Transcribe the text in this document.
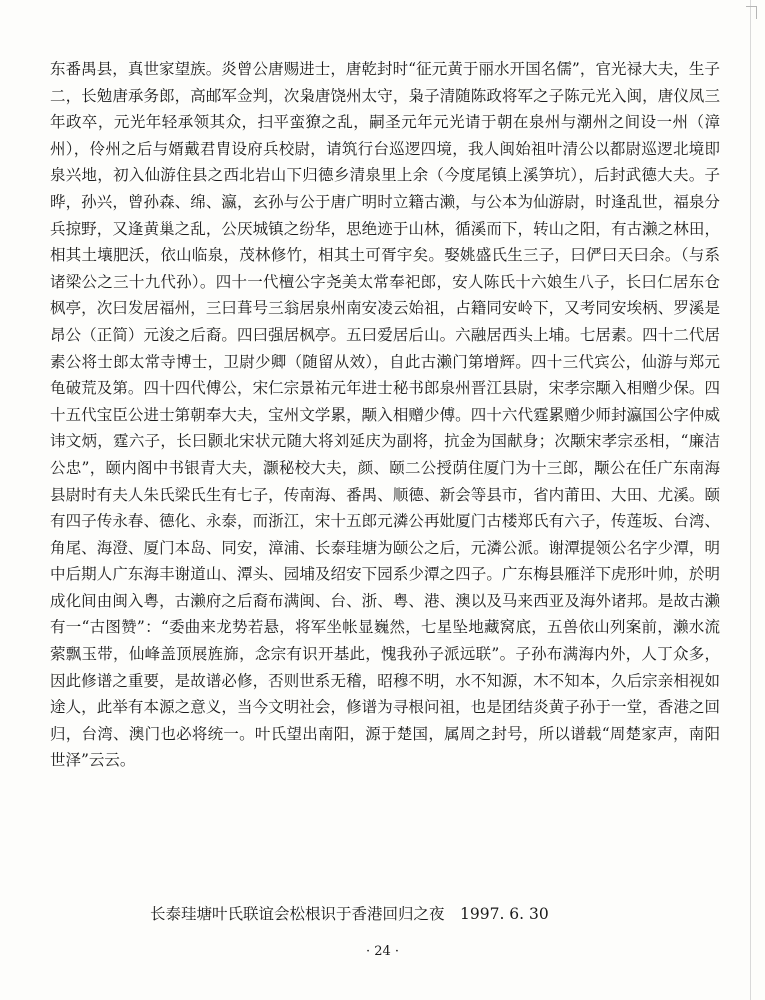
东番禺县，真世家望族。炎曾公唐赐进士，唐乾封时“征元黄于丽水开国名儒”，官光禄大夫，生子二，长勉唐承务郎，高邮军佥判，次枭唐饶州太守，枭子清随陈政将军之子陈元光入闽，唐仪凤三年政卒，元光年轻承领其众，扫平蛮獠之乱，嗣圣元年元光请于朝在泉州与潮州之间设一州（漳州），伶州之后与婿戴君胄设府兵校尉，请筑行台巡逻四境，我人闽始祖叶清公以都尉巡逻北境即泉兴地，初入仙游住县之西北岩山下归德乡清泉里上余（今度尾镇上溪笋坑），后封武德大夫。子晔，孙兴，曾孙森、绵、瀛，玄孙与公于唐广明时立籍古濑，与公本为仙游尉，时逢乱世，福泉分兵掠野，又逢黄巢之乱，公厌城镇之纷华，思绝迹于山林，循溪而下，转山之阳，有古濑之林田，相其土壤肥沃，依山临泉，茂林修竹，相其土可胥宇矣。娶姚盛氏生三子，曰俨曰天曰余。（与系诸梁公之三十九代孙）。四十一代檀公字尧美太常奉祀郎，安人陈氏十六娘生八子，长曰仁居东仓枫亭，次曰发居福州，三曰葺号三翁居泉州南安凌云始祖，占籍同安岭下，又考同安埃柄、罗溪是昂公（正简）元浚之后裔。四曰强居枫亭。五曰爱居后山。六融居西头上埔。七居素。四十二代居素公将士郎太常寺博士，卫尉少卿（随留从效），自此古濑门第增辉。四十三代宾公，仙游与郑元龟破荒及第。四十四代傅公，宋仁宗景祐元年进士秘书郎泉州晋江县尉，宋孝宗颙入相赠少保。四十五代宝臣公进士第朝奉大夫，宝州文学累，颙入相赠少傅。四十六代霆累赠少师封瀛国公字仲威讳文炳，霆六子，长曰颢北宋状元随大将刘延庆为副将，抗金为国献身；次颙宋孝宗丞相，“廉洁公忠”，颐内阁中书银青大夫，灏秘校大夫，颜、颐二公授荫住厦门为十三郎，颙公在任广东南海县尉时有夫人朱氏梁氏生有七子，传南海、番禺、顺德、新会等县市，省内莆田、大田、尤溪。颐有四子传永春、德化、永泰，而浙江，宋十五郎元潾公再妣厦门古楼郑氏有六子，传莲坂、台湾、角尾、海澄、厦门本岛、同安，漳浦、长泰珪塘为颐公之后，元潾公派。谢潭提领公名字少潭，明中后期人广东海丰谢道山、潭头、园埔及绍安下园系少潭之四子。广东梅县雁洋下虎形叶帅，於明成化间由闽入粤，古濑府之后裔布满闽、台、浙、粤、港、澳以及马来西亚及海外诸邦。是故古濑有一“古图赞”：“委曲来龙势若悬，将军坐帐显巍然，七星坠地藏窝底，五兽依山列案前，濑水流萦飘玉带，仙峰盖顶展旌旆，念宗有识开基此，愧我孙子派远联”。子孙布满海内外，人丁众多，因此修谱之重要，是故谱必修，否则世系无稽，昭穆不明，水不知源，木不知本，久后宗亲相视如途人，此举有本源之意义，当今文明社会，修谱为寻根问祖，也是团结炎黄子孙于一堂，香港之回归，台湾、澳门也必将统一。叶氏望出南阳，源于楚国，属周之封号，所以谱载“周楚家声，南阳世泽”云云。

长泰珪塘叶氏联谊会松根识于香港回归之夜　1997. 6. 30

· 24 ·
